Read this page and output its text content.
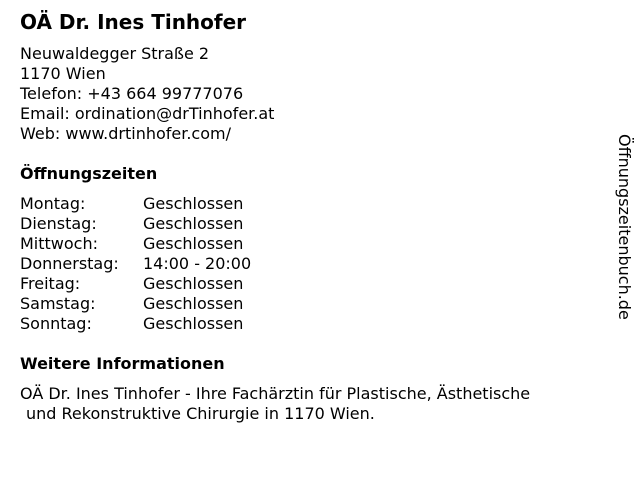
OÄ Dr. Ines Tinhofer
Neuwaldegger Straße 2
1170 Wien
Telefon: +43 664 99777076
Email: ordination@drTinhofer.at
Web: www.drtinhofer.com/
Öffnungszeiten
Montag:	Geschlossen
Dienstag:	Geschlossen
Mittwoch:	Geschlossen
Donnerstag:	14:00 - 20:00
Freitag:	Geschlossen
Samstag:	Geschlossen
Sonntag:	Geschlossen
Weitere Informationen
OÄ Dr. Ines Tinhofer - Ihre Fachärztin für Plastische, Ästhetische
und Rekonstruktive Chirurgie in 1170 Wien.
Öffnungszeitenbuch.de
